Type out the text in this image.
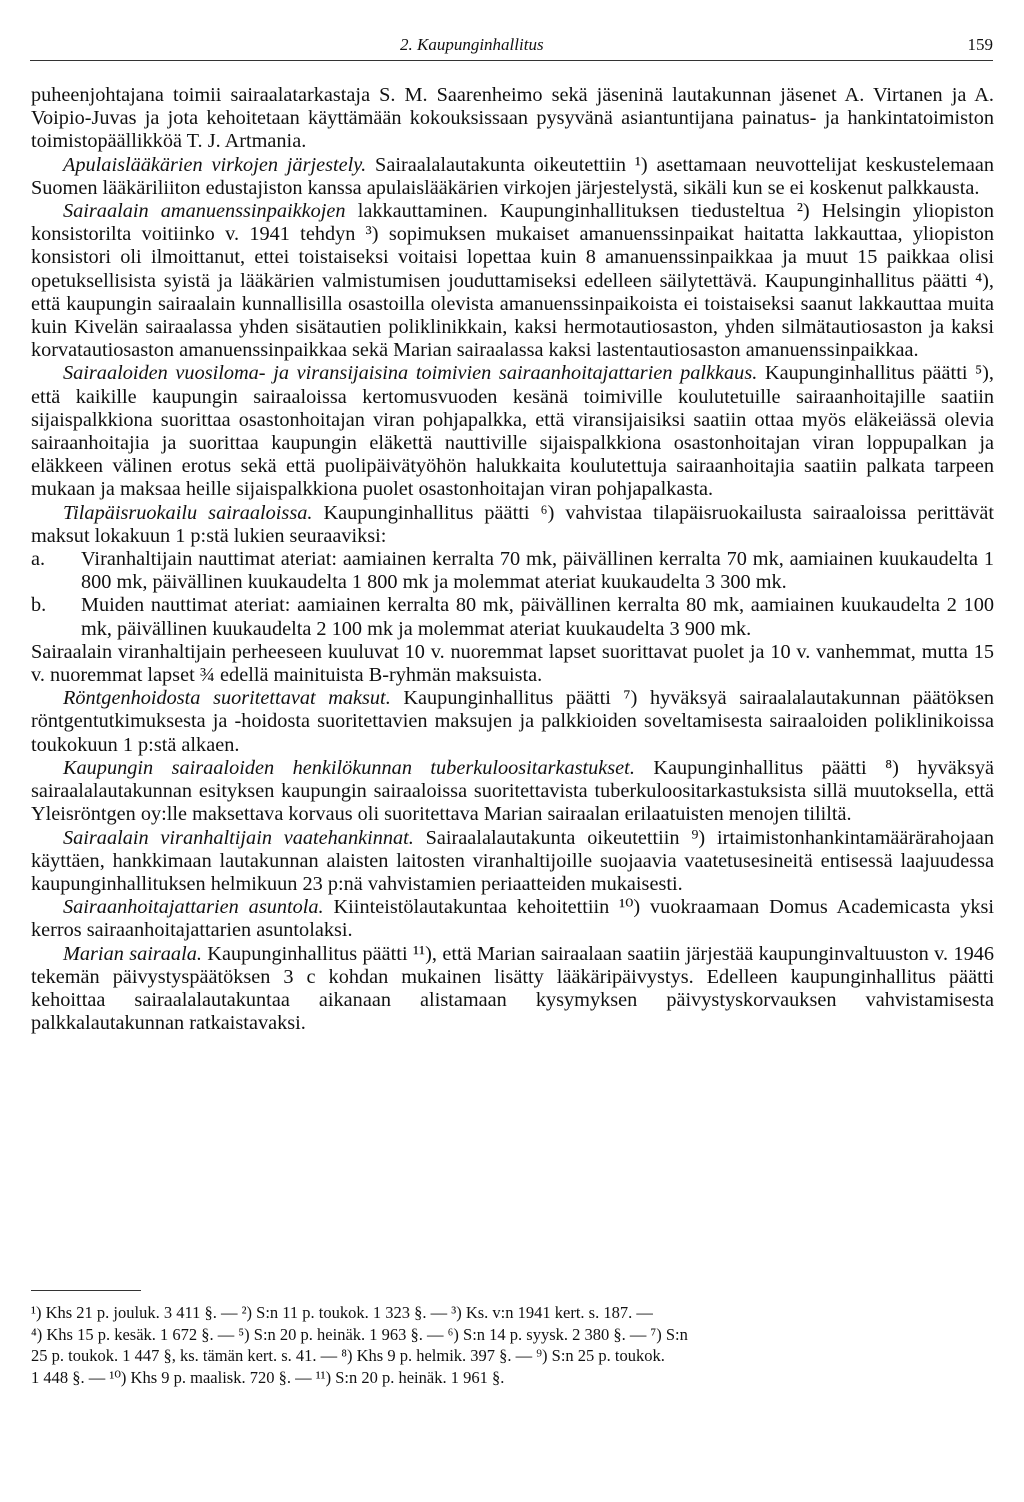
2. Kaupunginhallitus	159

puheenjohtajana toimii sairaalatarkastaja S. M. Saarenheimo sekä jäseninä lautakunnan jäsenet A. Virtanen ja A. Voipio-Juvas ja jota kehoitetaan käyttämään kokouksissaan pysyvänä asiantuntijana painatus- ja hankintatoimiston toimistopäällikköä T. J. Artmania.

Apulaislääkärien virkojen järjestely. Sairaalalautakunta oikeutettiin ¹) asettamaan neuvottelijat keskustelemaan Suomen lääkäriliiton edustajiston kanssa apulaislääkärien virkojen järjestelystä, sikäli kun se ei koskenut palkkausta.

Sairaalain amanuenssinpaikkojen lakkauttaminen. Kaupunginhallituksen tiedusteltua ²) Helsingin yliopiston konsistorilta voitiinko v. 1941 tehdyn ³) sopimuksen mukaiset amanuenssinpaikat haitatta lakkauttaa, yliopiston konsistori oli ilmoittanut, ettei toistaiseksi voitaisi lopettaa kuin 8 amanuenssinpaikkaa ja muut 15 paikkaa olisi opetuksellisista syistä ja lääkärien valmistumisen jouduttamiseksi edelleen säilytettävä. Kaupunginhallitus päätti ⁴), että kaupungin sairaalain kunnallisilla osastoilla olevista amanuenssinpaikoista ei toistaiseksi saanut lakkauttaa muita kuin Kivelän sairaalassa yhden sisätautien poliklinikkain, kaksi hermotautiosaston, yhden silmätautiosaston ja kaksi korvatautiosaston amanuenssinpaikkaa sekä Marian sairaalassa kaksi lastentautiosaston amanuenssinpaikkaa.

Sairaaloiden vuosiloma- ja viransijaisina toimivien sairaanhoitajattarien palkkaus. Kaupunginhallitus päätti ⁵), että kaikille kaupungin sairaaloissa kertomusvuoden kesänä toimiville koulutetuille sairaanhoitajille saatiin sijaispalkkiona suorittaa osastonhoitajan viran pohjapalkka, että viransijaisiksi saatiin ottaa myös eläkeiässä olevia sairaanhoitajia ja suorittaa kaupungin eläkettä nauttiville sijaispalkkiona osastonhoitajan viran loppupalkan ja eläkkeen välinen erotus sekä että puolipäivätyöhön halukkaita koulutettuja sairaanhoitajia saatiin palkata tarpeen mukaan ja maksaa heille sijaispalkkiona puolet osastonhoitajan viran pohjapalkasta.

Tilapäisruokailu sairaaloissa. Kaupunginhallitus päätti ⁶) vahvistaa tilapäisruokailusta sairaaloissa perittävät maksut lokakuun 1 p:stä lukien seuraaviksi:

a. Viranhaltijain nauttimat ateriat: aamiainen kerralta 70 mk, päivällinen kerralta 70 mk, aamiainen kuukaudelta 1 800 mk, päivällinen kuukaudelta 1 800 mk ja molemmat ateriat kuukaudelta 3 300 mk.

b. Muiden nauttimat ateriat: aamiainen kerralta 80 mk, päivällinen kerralta 80 mk, aamiainen kuukaudelta 2 100 mk, päivällinen kuukaudelta 2 100 mk ja molemmat ateriat kuukaudelta 3 900 mk.

Sairaalain viranhaltijain perheeseen kuuluvat 10 v. nuoremmat lapset suorittavat puolet ja 10 v. vanhemmat, mutta 15 v. nuoremmat lapset ¾ edellä mainituista B-ryhmän maksuista.

Röntgenhoidosta suoritettavat maksut. Kaupunginhallitus päätti ⁷) hyväksyä sairaalalautakunnan päätöksen röntgentutkimuksesta ja -hoidosta suoritettavien maksujen ja palkkioiden soveltamisesta sairaaloiden poliklinikoissa toukokuun 1 p:stä alkaen.

Kaupungin sairaaloiden henkilökunnan tuberkuloositarkastukset. Kaupunginhallitus päätti ⁸) hyväksyä sairaalalautakunnan esityksen kaupungin sairaaloissa suoritettavista tuberkuloositarkastuksista sillä muutoksella, että Yleisröntgen oy:lle maksettava korvaus oli suoritettava Marian sairaalan erilaatuisten menojen tililtä.

Sairaalain viranhaltijain vaatehankinnat. Sairaalalautakunta oikeutettiin ⁹) irtaimistonhankintamäärärahojaan käyttäen, hankkimaan lautakunnan alaisten laitosten viranhaltijoille suojaavia vaatetusesineitä entisessä laajuudessa kaupunginhallituksen helmikuun 23 p:nä vahvistamien periaatteiden mukaisesti.

Sairaanhoitajattarien asuntola. Kiinteistölautakuntaa kehoitettiin ¹⁰) vuokraamaan Domus Academicasta yksi kerros sairaanhoitajattarien asuntolaksi.

Marian sairaala. Kaupunginhallitus päätti ¹¹), että Marian sairaalaan saatiin järjestää kaupunginvaltuuston v. 1946 tekemän päivystyspäätöksen 3 c kohdan mukainen lisätty lääkäripäivystys. Edelleen kaupunginhallitus päätti kehoittaa sairaalalautakuntaa aikanaan alistamaan kysymyksen päivystyskorvauksen vahvistamisesta palkkalautakunnan ratkaistavaksi.

¹) Khs 21 p. jouluk. 3 411 §. — ²) S:n 11 p. toukok. 1 323 §. — ³) Ks. v:n 1941 kert. s. 187. —

⁴) Khs 15 p. kesäk. 1 672 §. — ⁵) S:n 20 p. heinäk. 1 963 §. — ⁶) S:n 14 p. syysk. 2 380 §. — ⁷) S:n

25 p. toukok. 1 447 §, ks. tämän kert. s. 41. — ⁸) Khs 9 p. helmik. 397 §. — ⁹) S:n 25 p. toukok.

1 448 §. — ¹⁰) Khs 9 p. maalisk. 720 §. — ¹¹) S:n 20 p. heinäk. 1 961 §.
